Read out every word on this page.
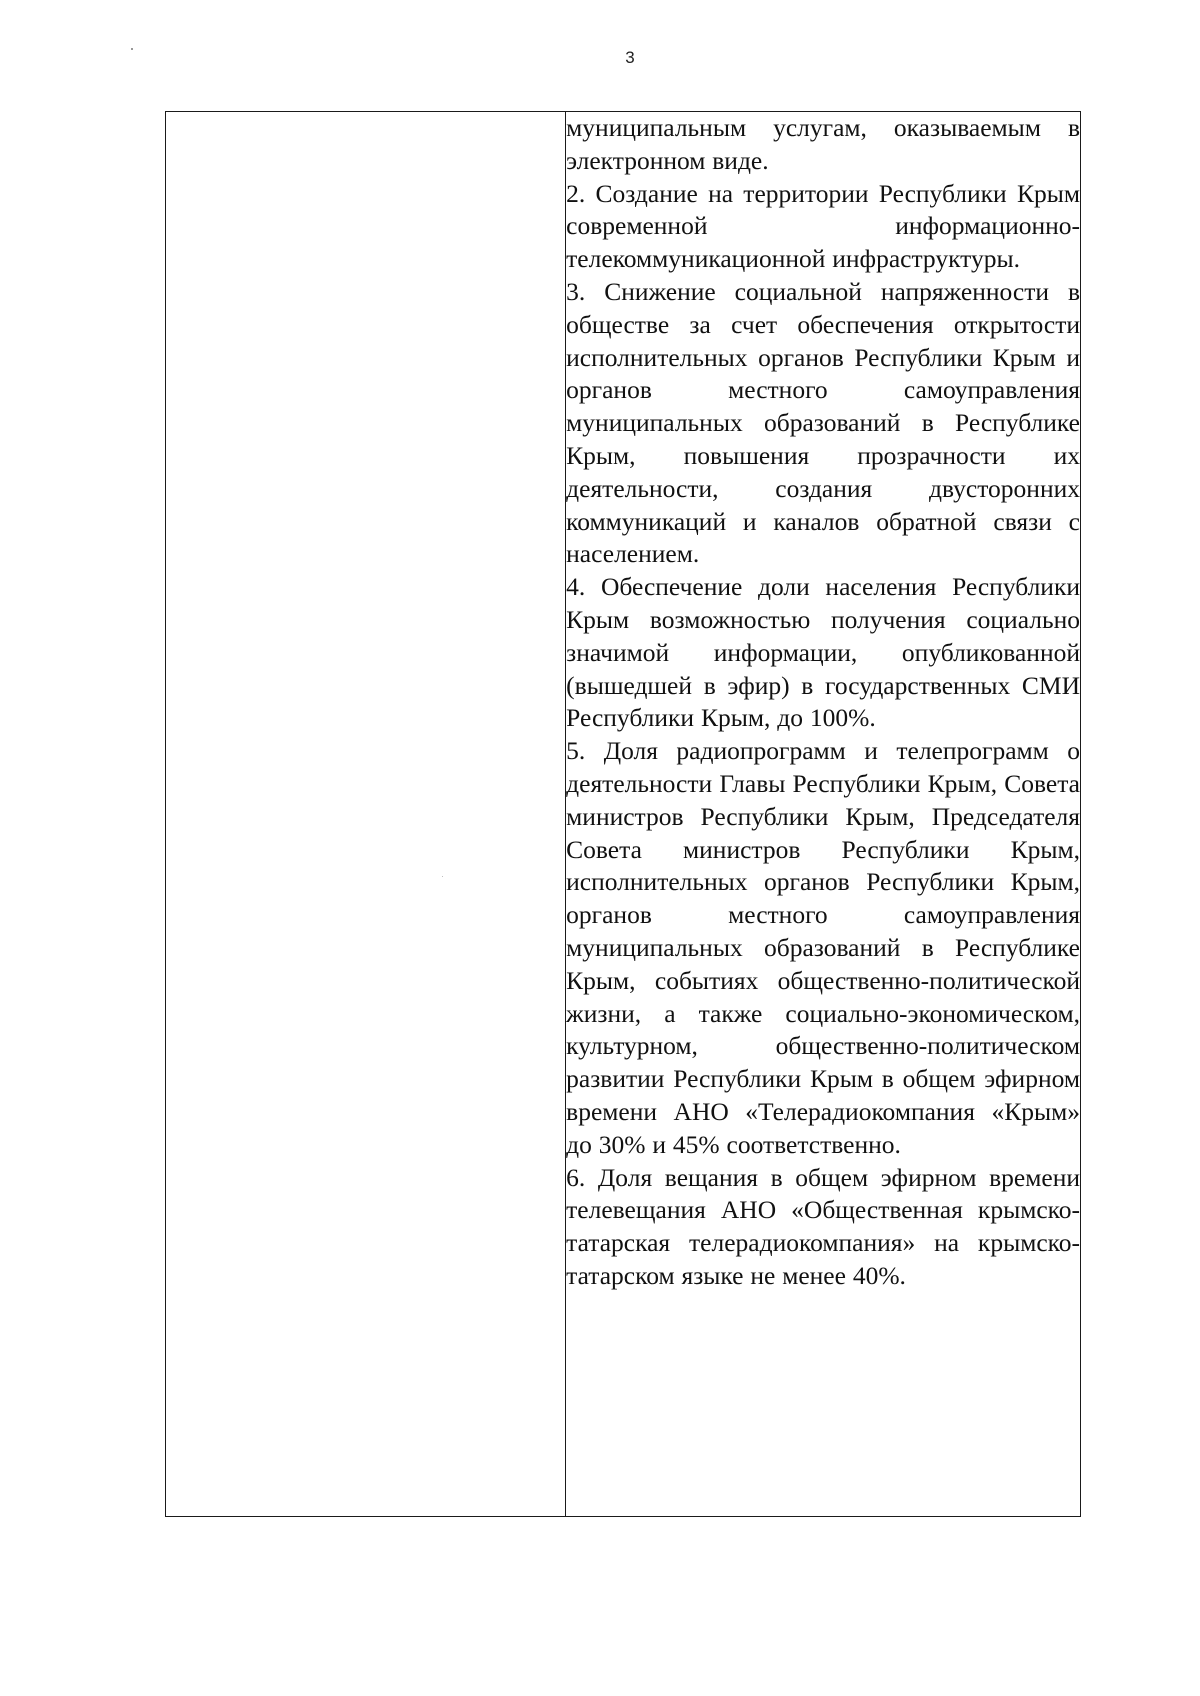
3

муниципальным услугам, оказываемым в электронном виде.

2. Создание на территории Республики Крым современной информационно-телекоммуникационной инфраструктуры.

3. Снижение социальной напряженности в обществе за счет обеспечения открытости исполнительных органов Республики Крым и органов местного самоуправления муниципальных образований в Республике Крым, повышения прозрачности их деятельности, создания двусторонних коммуникаций и каналов обратной связи с населением.

4. Обеспечение доли населения Республики Крым возможностью получения социально значимой информации, опубликованной (вышедшей в эфир) в государственных СМИ Республики Крым, до 100%.

5. Доля радиопрограмм и телепрограмм о деятельности Главы Республики Крым, Совета министров Республики Крым, Председателя Совета министров Республики Крым, исполнительных органов Республики Крым, органов местного самоуправления муниципальных образований в Республике Крым, событиях общественно-политической жизни, а также социально-экономическом, культурном, общественно-политическом развитии Республики Крым в общем эфирном времени АНО «Телерадиокомпания «Крым» до 30% и 45% соответственно.

6. Доля вещания в общем эфирном времени телевещания АНО «Общественная крымско-татарская телерадиокомпания» на крымско-татарском языке не менее 40%.
